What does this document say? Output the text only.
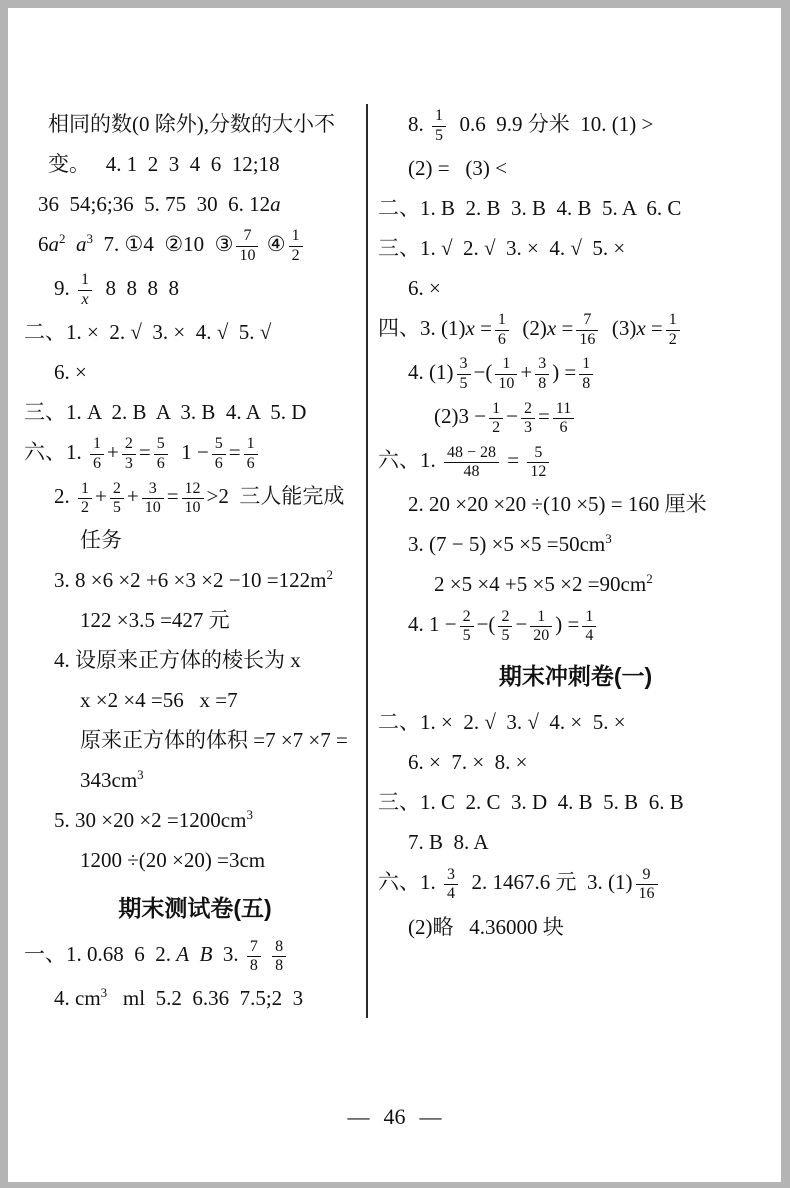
相同的数(0 除外),分数的大小不
变。   4. 1  2  3  4  6  12;18
36  54;6;36  5. 75  30  6. 12a
$6a^2$ $a^3$  7. ①4  ②10  ③ $\frac{7}{10}$ ④ $\frac{1}{2}$
9. $\frac{1}{x} 8$  8  8  8
二、1. ×  2. √  3. ×  4. √  5. √
6. ×
三、1. A  2. B  A  3. B  4. A  5. D
六、1. $\frac{1}{6} + \frac{2}{3} = \frac{5}{6} 1 - \frac{5}{6} = \frac{1}{6}$
2. $\frac{1}{2} + \frac{2}{5} + \frac{3}{10} = \frac{12}{10} >2$  三人能完成
任务
3. $8 \times 6 \times 2 +6 \times 3 \times 2 -10 =122m^2$
122 ×3.5 =427 元
4. 设原来正方体的棱长为 x
x ×2 ×4 =56   x =7
原来正方体的体积 =7 ×7 ×7 =
$343cm^3$
5. $30 \times 20 \times 2 =1200cm^3$
1200 ÷(20 ×20) =3cm
期末测试卷(五)
一、1. 0.68  6  2. A B  3. $\frac{7}{8}$
$\frac{8}{8}$
4. $cm^3$   ml  5.2  6.36  7.5;2  3
8. $\frac{1}{5} 0.6$  9.9 分米  10. (1) >
(2) =   (3) <
二、1. B  2. B  3. B  4. B  5. A  6. C
三、1. √  2. √  3. ×  4. √  5. ×
6. ×
四、3. $(1)x = \frac{1}{6} (2)x = \frac{7}{16} (3)x = \frac{1}{2}$
4. $(1) \frac{3}{5}$ −( $\frac{1}{10} + \frac{3}{8}$ ) = $\frac{1}{8}$
$(2)3 - \frac{1}{2} - \frac{2}{3} = \frac{11}{6}$
六、1. $\frac{48 - 28}{48} = \frac{5}{12}$
2. 20 ×20 ×20 ÷(10 ×5) = 160 厘米
3. $(7 - 5) \times 5 \times 5 =50cm^3$
$2 \times 5 \times 4 +5 \times 5 \times 2 =90cm^2$
4. $1 - \frac{2}{5}$ −( $\frac{2}{5} - \frac{1}{20}$ ) = $\frac{1}{4}$
期末冲刺卷(一)
二、1. ×  2. √  3. √  4. ×  5. ×
6. ×  7. ×  8. ×
三、1. C  2. C  3. D  4. B  5. B  6. B
7. B  8. A
六、1. $\frac{3}{4} 2$. 1467.6 元  3. $(1) \frac{9}{16}$
(2)略   4.36000 块
— 46 —
